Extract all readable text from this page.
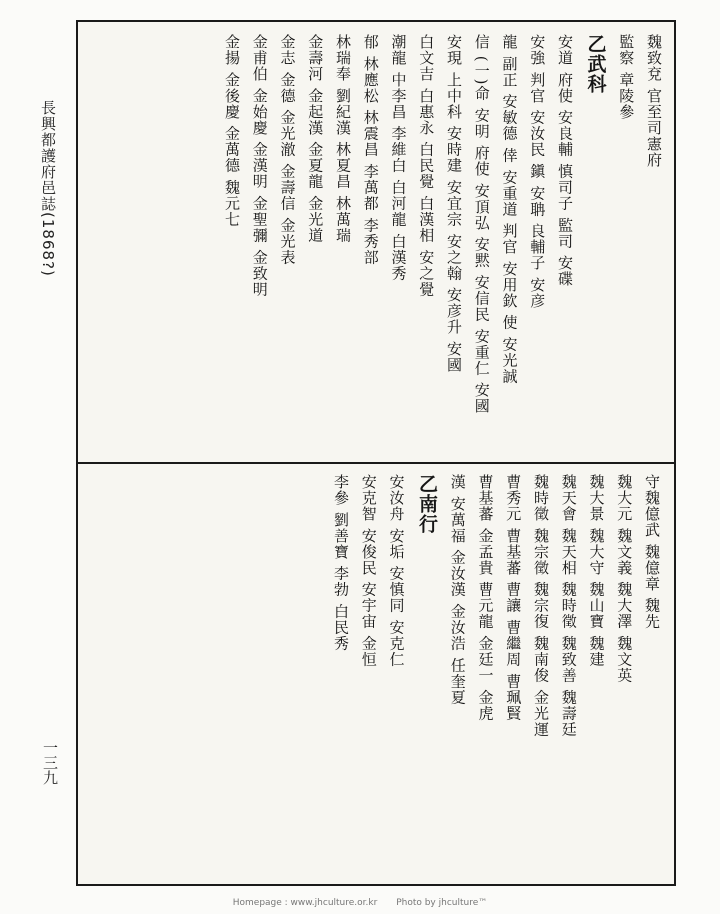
長興都護府邑誌(1868?)
一三九
魏致兗 官至司憲府
監察 章陵參
乙武科
安道 府使 安良輔 慎司子 監司 安碟
安強 判官 安汝民 鎭 安聃 良輔子 安彦
龍 副正 安敏德 倖 安重道 判官 安用欽 使 安光誠
信 (一)命 安明 府使 安頂弘 安黙 安信民 安重仁 安國
安現 上中科 安時建 安宜宗 安之翰 安彦升 安國
白文吉 白惠永 白民覺 白漢相 安之覺
潮龍 中李昌 李維白 白河龍 白漢秀
郁 林應松 林震昌 李萬都 李秀部
林瑞奉 劉紀漢 林夏昌 林萬瑞
金壽河 金起漢 金夏龍 金光道
金志 金德 金光澈 金壽信 金光表
金甫伯 金始慶 金漢明 金聖彌 金致明
金揚 金後慶 金萬德 魏元七
守魏億武 魏億章 魏先
魏大元 魏文義 魏大澤 魏文英
魏大景 魏大守 魏山寶 魏建
魏天會 魏天相 魏時徵 魏致善 魏壽廷
魏時徵 魏宗徵 魏宗復 魏南俊 金光運
曹秀元 曹基蕃 曹讓 曹繼周 曹珮賢
曹基蕃 金孟貴 曹元龍 金廷一 金虎
漢 安萬福 金汝漢 金汝浩 任奎夏
乙南行
安汝舟 安垢 安慎同 安克仁
安克智 安俊民 安宇宙 金恒
李參 劉善寶 李勃 白民秀
Homepage : www.jhculture.or.kr Photo by jhculture™
